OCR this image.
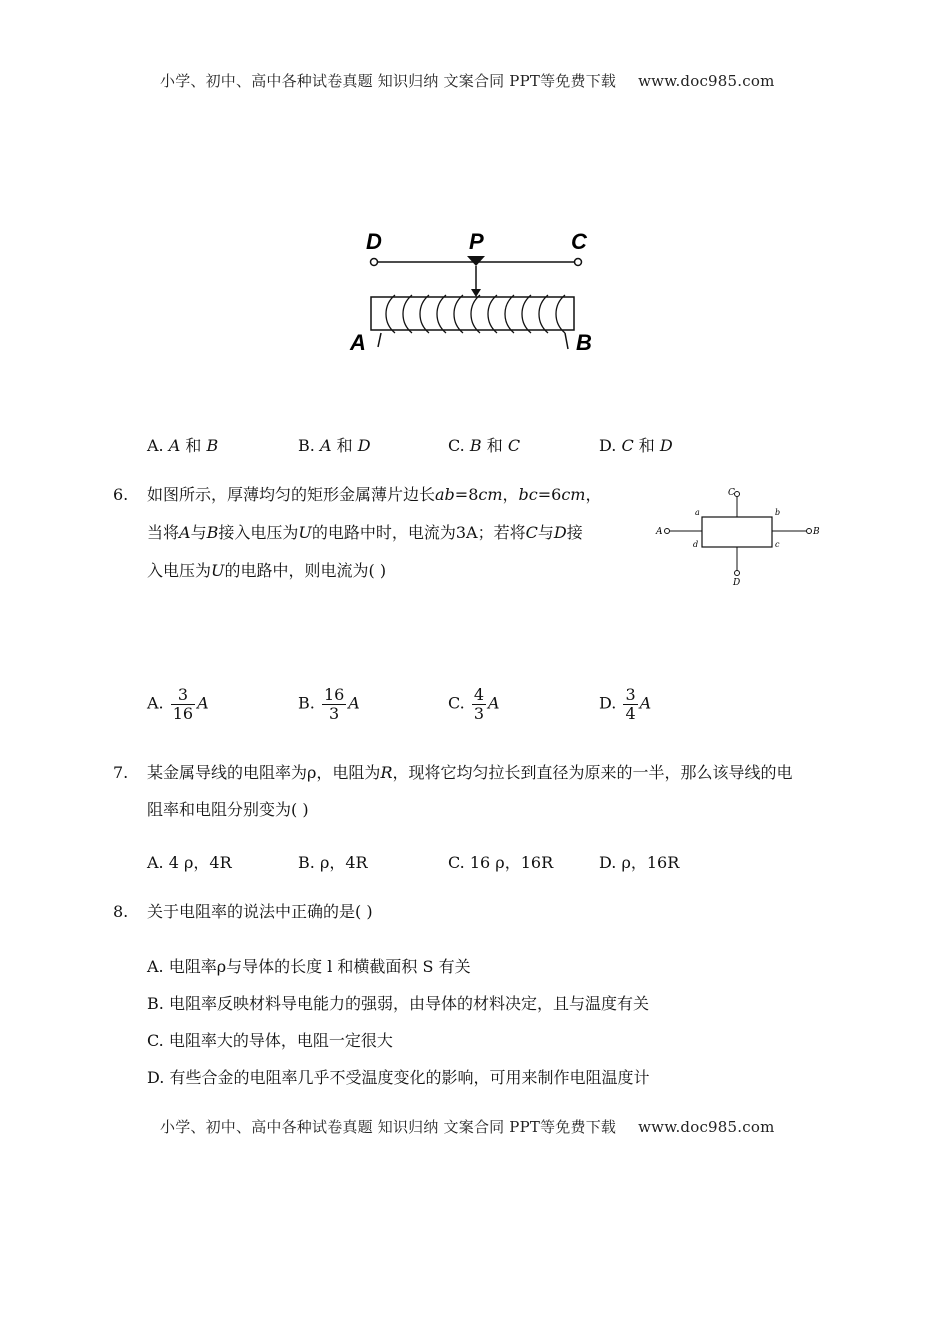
小学、初中、高中各种试卷真题 知识归纳 文案合同 PPT等免费下载 www.doc985.com
D	P	C
A	B
A. A 和 B	B. A 和 D	C. B 和 C	D. C 和 D
6. 如图所示，厚薄均匀的矩形金属薄片边长ab=8cm，bc=6cm，
当将A与B接入电压为U的电路中时，电流为3A；若将C与D接
入电压为U的电路中，则电流为( )
C
D
A	B
a	b
c
d
A. $\frac{3}{16}$ A	B. $\frac{16}{3}$ A	C. $\frac{4}{3}$ A	D. $\frac{3}{4}$ A
7. 某金属导线的电阻率为ρ，电阻为R，现将它均匀拉长到直径为原来的一半，那么该导线的电
阻率和电阻分别变为( )
A. 4 ρ，4R	B. ρ，4R	C. 16 ρ，16R	D. ρ，16R
8. 关于电阻率的说法中正确的是( )
A. 电阻率ρ与导体的长度 l 和横截面积 S 有关
B. 电阻率反映材料导电能力的强弱，由导体的材料决定，且与温度有关
C. 电阻率大的导体，电阻一定很大
D. 有些合金的电阻率几乎不受温度变化的影响，可用来制作电阻温度计
小学、初中、高中各种试卷真题 知识归纳 文案合同 PPT等免费下载 www.doc985.com
